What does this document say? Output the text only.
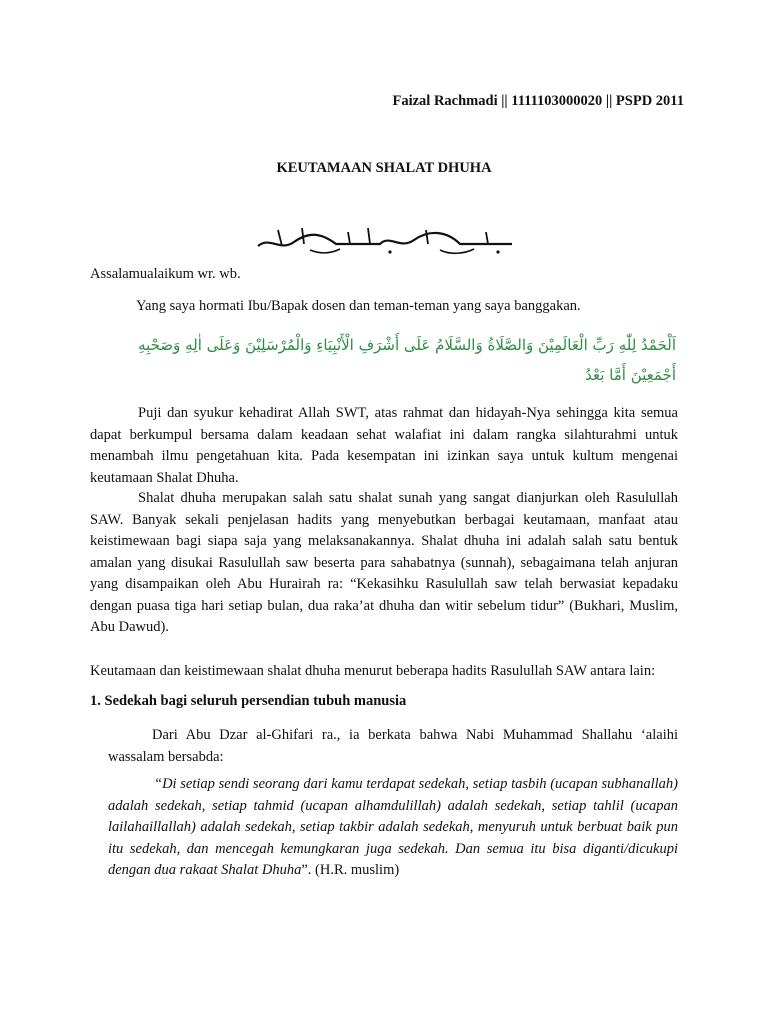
Faizal Rachmadi || 1111103000020 || PSPD 2011
KEUTAMAAN SHALAT DHUHA
Assalamualaikum wr. wb.
Yang saya hormati Ibu/Bapak dosen dan teman-teman yang saya banggakan.
اَلْحَمْدُ لِلّٰهِ رَبِّ الْعَالَمِيْنَ وَالصَّلَاةُ وَالسَّلَامُ عَلَى أَشْرَفِ الْأَنْبِيَاءِ وَالْمُرْسَلِيْنَ وَعَلَى اٰلِهِ وَصَحْبِهِ
أَجْمَعِيْنَ أَمَّا بَعْدُ
Puji dan syukur kehadirat Allah SWT, atas rahmat dan hidayah-Nya sehingga kita semua dapat berkumpul bersama dalam keadaan sehat walafiat ini dalam rangka silahturahmi untuk menambah ilmu pengetahuan kita. Pada kesempatan ini izinkan saya untuk kultum mengenai keutamaan Shalat Dhuha.
Shalat dhuha merupakan salah satu shalat sunah yang sangat dianjurkan oleh Rasulullah SAW. Banyak sekali penjelasan hadits yang menyebutkan berbagai keutamaan, manfaat atau keistimewaan bagi siapa saja yang melaksanakannya. Shalat dhuha ini adalah salah satu bentuk amalan yang disukai Rasulullah saw beserta para sahabatnya (sunnah), sebagaimana telah anjuran yang disampaikan oleh Abu Hurairah ra: “Kekasihku Rasulullah saw telah berwasiat kepadaku dengan puasa tiga hari setiap bulan, dua raka’at dhuha dan witir sebelum tidur” (Bukhari, Muslim, Abu Dawud).
Keutamaan dan keistimewaan shalat dhuha menurut beberapa hadits Rasulullah SAW antara lain:
1. Sedekah bagi seluruh persendian tubuh manusia
Dari Abu Dzar al-Ghifari ra., ia berkata bahwa Nabi Muhammad Shallahu ‘alaihi wassalam bersabda:
“Di setiap sendi seorang dari kamu terdapat sedekah, setiap tasbih (ucapan subhanallah) adalah sedekah, setiap tahmid (ucapan alhamdulillah) adalah sedekah, setiap tahlil (ucapan lailahaillallah) adalah sedekah, setiap takbir adalah sedekah, menyuruh untuk berbuat baik pun itu sedekah, dan mencegah kemungkaran juga sedekah. Dan semua itu bisa diganti/dicukupi dengan dua rakaat Shalat Dhuha”. (H.R. muslim)
